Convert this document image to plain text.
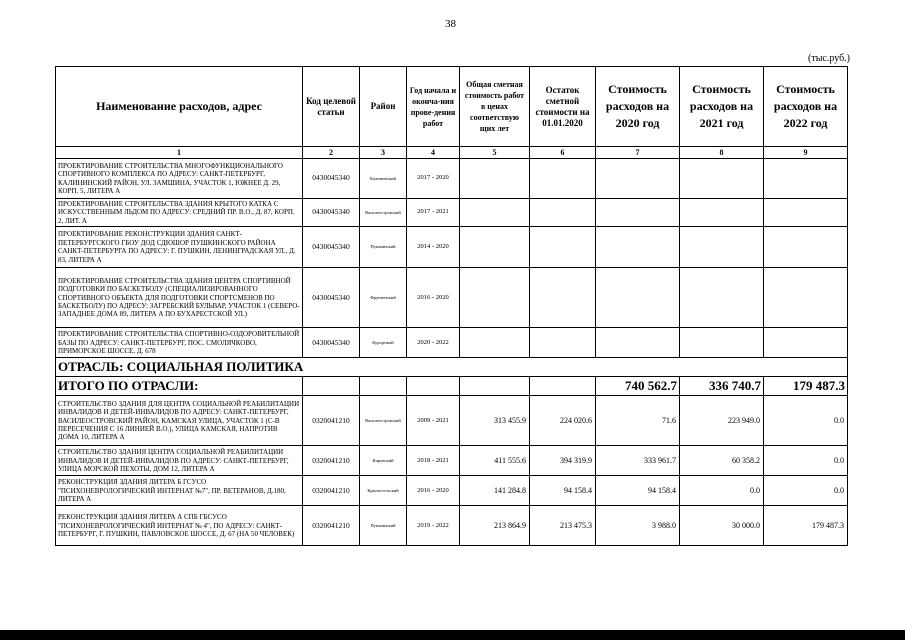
38
(тыс.руб.)
Наименование расходов, адрес	Код целевой статьи	Район	Год начала и оконча-ния прове-дения работ	Общая сметная стоимость работ в ценах соответствую щих лет	Остаток сметной стоимости на 01.01.2020	Стоимость расходов на 2020 год	Стоимость расходов на 2021 год	Стоимость расходов на 2022 год
1	2	3	4	5	6	7	8	9
ПРОЕКТИРОВАНИЕ СТРОИТЕЛЬСТВА МНОГОФУНКЦИОНАЛЬНОГО СПОРТИВНОГО КОМПЛЕКСА ПО АДРЕСУ: САНКТ-ПЕТЕРБУРГ, КАЛИНИНСКИЙ РАЙОН, УЛ. ЗАМШИНА, УЧАСТОК 1, ЮЖНЕЕ Д. 29, КОРП. 5, ЛИТЕРА А	0430045340	Калининский	2017 - 2020					
ПРОЕКТИРОВАНИЕ СТРОИТЕЛЬСТВА ЗДАНИЯ КРЫТОГО КАТКА С ИСКУССТВЕННЫМ ЛЬДОМ ПО АДРЕСУ: СРЕДНИЙ ПР. В.О., Д. 87, КОРП. 2, ЛИТ. А	0430045340	Василеостровский	2017 - 2021					
ПРОЕКТИРОВАНИЕ РЕКОНСТРУКЦИИ ЗДАНИЯ САНКТ-ПЕТЕРБУРГСКОГО ГБОУ ДОД СДЮШОР ПУШКИНСКОГО РАЙОНА САНКТ-ПЕТЕРБУРГА ПО АДРЕСУ: Г. ПУШКИН, ЛЕНИНГРАДСКАЯ УЛ., Д. 83, ЛИТЕРА А	0430045340	Пушкинский	2014 - 2020					
ПРОЕКТИРОВАНИЕ СТРОИТЕЛЬСТВА ЗДАНИЯ ЦЕНТРА СПОРТИВНОЙ ПОДГОТОВКИ ПО БАСКЕТБОЛУ (СПЕЦИАЛИЗИРОВАННОГО СПОРТИВНОГО ОБЪЕКТА ДЛЯ ПОДГОТОВКИ СПОРТСМЕНОВ ПО БАСКЕТБОЛУ) ПО АДРЕСУ: ЗАГРЕБСКИЙ БУЛЬВАР, УЧАСТОК 1 (СЕВЕРО-ЗАПАДНЕЕ ДОМА 89, ЛИТЕРА А ПО БУХАРЕСТСКОЙ УЛ.)	0430045340	Фрунзенский	2016 - 2020					
ПРОЕКТИРОВАНИЕ СТРОИТЕЛЬСТВА СПОРТИВНО-ОЗДОРОВИТЕЛЬНОЙ БАЗЫ ПО АДРЕСУ: САНКТ-ПЕТЕРБУРГ, ПОС. СМОЛЯЧКОВО, ПРИМОРСКОЕ ШОССЕ, Д. 678	0430045340	Курортный	2020 - 2022					
ОТРАСЛЬ: СОЦИАЛЬНАЯ ПОЛИТИКА								
ИТОГО ПО ОТРАСЛИ:						740 562.7	336 740.7	179 487.3
СТРОИТЕЛЬСТВО ЗДАНИЯ ДЛЯ ЦЕНТРА СОЦИАЛЬНОЙ РЕАБИЛИТАЦИИ ИНВАЛИДОВ И ДЕТЕЙ-ИНВАЛИДОВ ПО АДРЕСУ: САНКТ-ПЕТЕРБУРГ, ВАСИЛЕОСТРОВСКИЙ РАЙОН, КАМСКАЯ УЛИЦА, УЧАСТОК 1 (С-В ПЕРЕСЕЧЕНИЯ С 16 ЛИНИЕЙ В.О.), УЛИЦА КАМСКАЯ, НАПРОТИВ ДОМА 10, ЛИТЕРА А	0320041210	Василеостровский	2009 - 2021	313 455.9	224 020.6	71.6	223 949.0	0.0
СТРОИТЕЛЬСТВО ЗДАНИЯ ЦЕНТРА СОЦИАЛЬНОЙ РЕАБИЛИТАЦИИ ИНВАЛИДОВ И ДЕТЕЙ-ИНВАЛИДОВ ПО АДРЕСУ: САНКТ-ПЕТЕРБУРГ, УЛИЦА МОРСКОЙ ПЕХОТЫ, ДОМ 12, ЛИТЕРА А	0320041210	Кировский	2018 - 2021	411 555.6	394 319.9	333 961.7	60 358.2	0.0
РЕКОНСТРУКЦИЯ ЗДАНИЯ ЛИТЕРА Б ГСУСО "ПСИХОНЕВРОЛОГИЧЕСКИЙ ИНТЕРНАТ №7", ПР. ВЕТЕРАНОВ, Д.180, ЛИТЕРА А	0320041210	Красносельский	2016 - 2020	141 284.8	94 158.4	94 158.4	0.0	0.0
РЕКОНСТРУКЦИЯ ЗДАНИЯ ЛИТЕРА А СПБ ГБСУСО "ПСИХОНЕВРОЛОГИЧЕСКИЙ ИНТЕРНАТ № 4", ПО АДРЕСУ: САНКТ-ПЕТЕРБУРГ, Г. ПУШКИН, ПАВЛОВСКОЕ ШОССЕ, Д. 67 (НА 50 ЧЕЛОВЕК)	0320041210	Пушкинский	2019 - 2022	213 864.9	213 475.3	3 988.0	30 000.0	179 487.3
